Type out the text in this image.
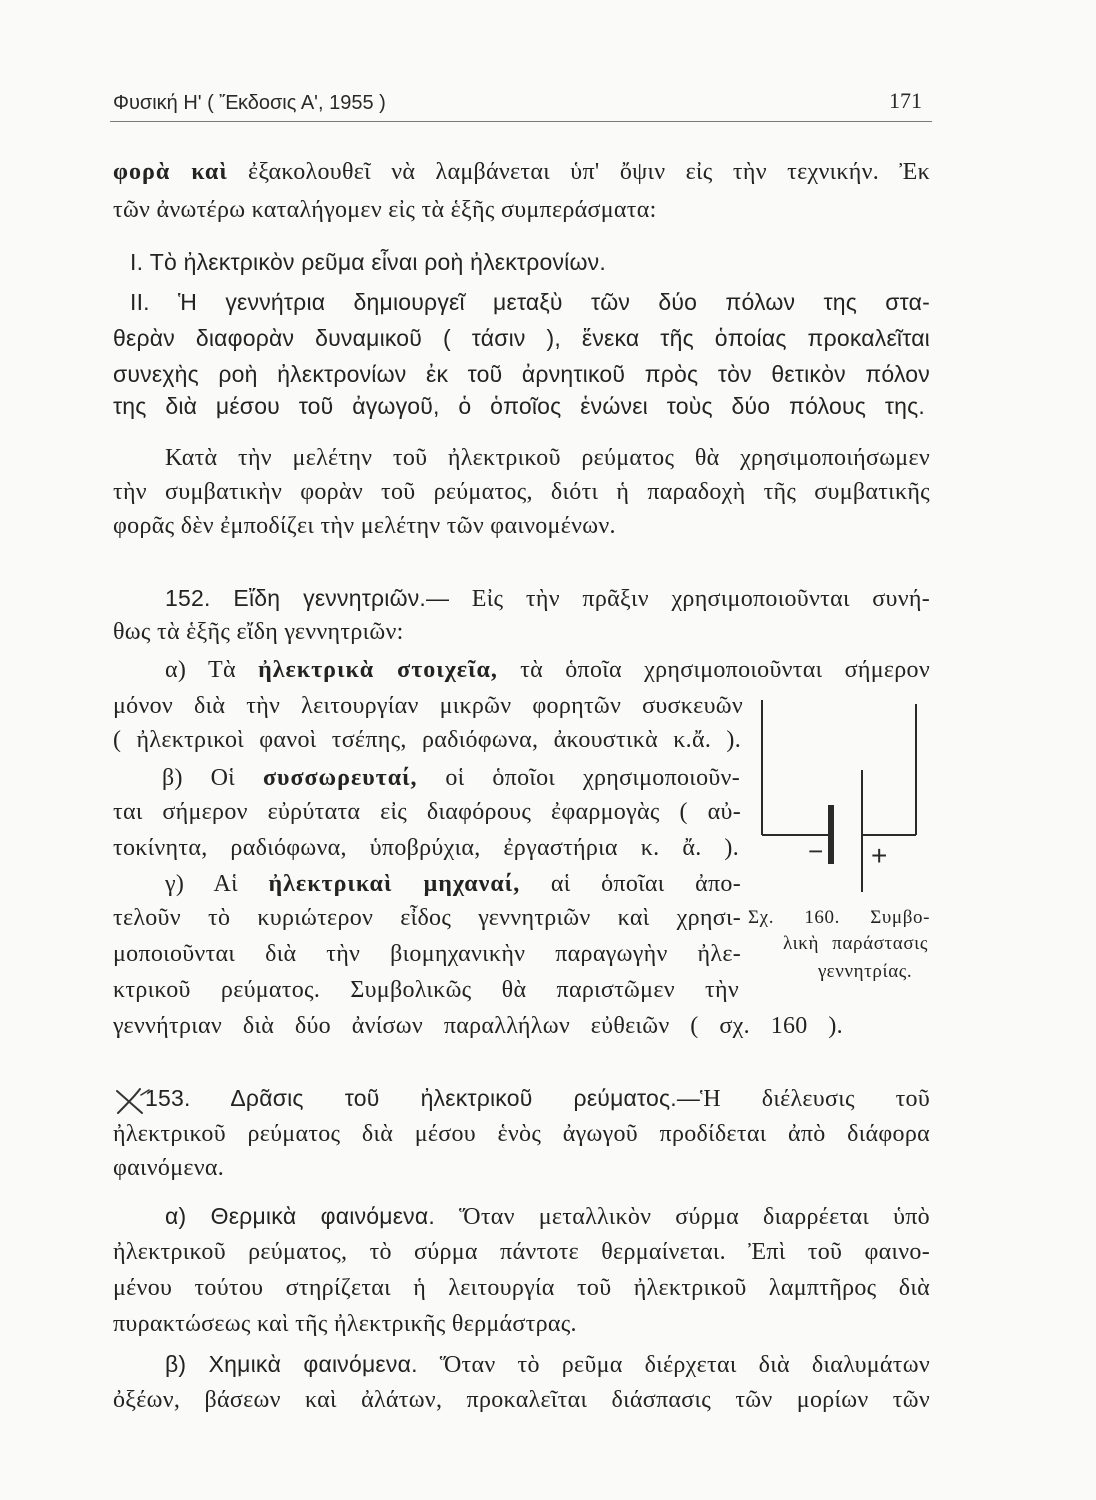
Φυσική Η' ( Ἔκδοσις Α', 1955 )	171
φορὰ καὶ ἐξακολουθεῖ νὰ λαμβάνεται ὑπ' ὄψιν εἰς τὴν τεχνικήν. Ἐκ
τῶν ἀνωτέρω καταλήγομεν εἰς τὰ ἑξῆς συμπεράσματα:
I. Τὸ ἠλεκτρικὸν ρεῦμα εἶναι ροὴ ἠλεκτρονίων.
II. Ἡ γεννήτρια δημιουργεῖ μεταξὺ τῶν δύο πόλων της στα-
θερὰν διαφορὰν δυναμικοῦ ( τάσιν ), ἕνεκα τῆς ὁποίας προκαλεῖται
συνεχὴς ροὴ ἠλεκτρονίων ἐκ τοῦ ἀρνητικοῦ πρὸς τὸν θετικὸν πόλον
της διὰ μέσου τοῦ ἀγωγοῦ, ὁ ὁποῖος ἑνώνει τοὺς δύο πόλους της.
Κατὰ τὴν μελέτην τοῦ ἠλεκτρικοῦ ρεύματος θὰ χρησιμοποιήσωμεν
τὴν συμβατικὴν φορὰν τοῦ ρεύματος, διότι ἡ παραδοχὴ τῆς συμβατικῆς
φορᾶς δὲν ἐμποδίζει τὴν μελέτην τῶν φαινομένων.
152. Εἴδη γεννητριῶν.— Εἰς τὴν πρᾶξιν χρησιμοποιοῦνται συνή-
θως τὰ ἑξῆς εἴδη γεννητριῶν:
α) Τὰ ἠλεκτρικὰ στοιχεῖα, τὰ ὁποῖα χρησιμοποιοῦνται σήμερον
μόνον διὰ τὴν λειτουργίαν μικρῶν φορητῶν συσκευῶν
( ἠλεκτρικοὶ φανοὶ τσέπης, ραδιόφωνα, ἀκουστικὰ κ.ἄ. ).
β) Οἱ συσσωρευταί, οἱ ὁποῖοι χρησιμοποιοῦν-
ται σήμερον εὐρύτατα εἰς διαφόρους ἐφαρμογὰς ( αὐ-
τοκίνητα, ραδιόφωνα, ὑποβρύχια, ἐργαστήρια κ. ἄ. ).
γ) Αἱ ἠλεκτρικαὶ μηχαναί, αἱ ὁποῖαι ἀπο-
τελοῦν τὸ κυριώτερον εἶδος γεννητριῶν καὶ χρησι-
μοποιοῦνται διὰ τὴν βιομηχανικὴν παραγωγὴν ἠλε-
κτρικοῦ ρεύματος. Συμβολικῶς θὰ παριστῶμεν τὴν
γεννήτριαν διὰ δύο ἀνίσων παραλλήλων εὐθειῶν ( σχ. 160 ).
− +
Σχ. 160. Συμβο-
λικὴ παράστασις
γεννητρίας.
153. Δρᾶσις τοῦ ἠλεκτρικοῦ ρεύματος.—Ἡ διέλευσις τοῦ
ἠλεκτρικοῦ ρεύματος διὰ μέσου ἑνὸς ἀγωγοῦ προδίδεται ἀπὸ διάφορα
φαινόμενα.
α) Θερμικὰ φαινόμενα. Ὅταν μεταλλικὸν σύρμα διαρρέεται ὑπὸ
ἠλεκτρικοῦ ρεύματος, τὸ σύρμα πάντοτε θερμαίνεται. Ἐπὶ τοῦ φαινο-
μένου τούτου στηρίζεται ἡ λειτουργία τοῦ ἠλεκτρικοῦ λαμπτῆρος διὰ
πυρακτώσεως καὶ τῆς ἠλεκτρικῆς θερμάστρας.
β) Χημικὰ φαινόμενα. Ὅταν τὸ ρεῦμα διέρχεται διὰ διαλυμάτων
ὀξέων, βάσεων καὶ ἀλάτων, προκαλεῖται διάσπασις τῶν μορίων τῶν
